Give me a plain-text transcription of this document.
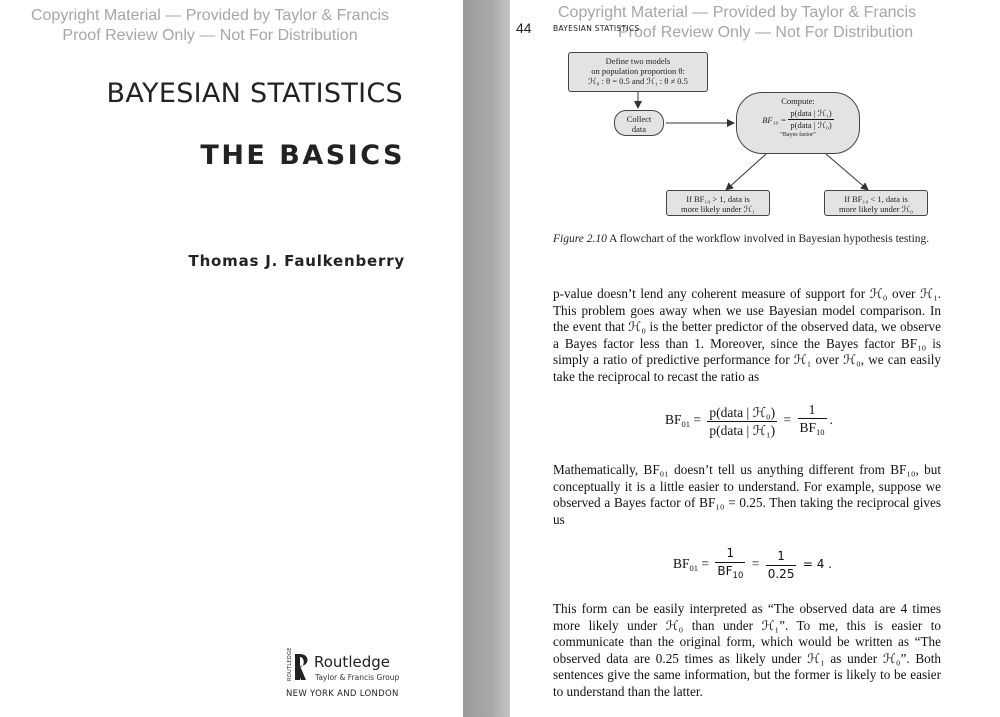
Copyright Material — Provided by Taylor & Francis
Proof Review Only — Not For Distribution
BAYESIAN STATISTICS
THE BASICS
Thomas J. Faulkenberry
ROUTLEDGE Routledge
Taylor & Francis Group
NEW YORK AND LONDON
Copyright Material — Provided by Taylor & Francis
Proof Review Only — Not For Distribution
44	BAYESIAN STATISTICS
Define two models
on population proportion θ:
ℋ₀ : θ = 0.5 and ℋ₁ : θ ≠ 0.5
Collect
data
Compute:
$BF_{10} = \frac{\text{p(data | ℋ₁)}}{\text{p(data | ℋ₀)}}$
“Bayes factor”
If BF₁₀ > 1, data is
more likely under ℋ₁
If BF₁₀ < 1, data is
more likely under ℋ₀
Figure 2.10 A flowchart of the workflow involved in Bayesian hypothesis testing.
p-value doesn’t lend any coherent measure of support for ℋ₀ over ℋ₁. This problem goes away when we use Bayesian model comparison. In the event that ℋ₀ is the better predictor of the observed data, we observe a Bayes factor less than 1. Moreover, since the Bayes factor BF₁₀ is simply a ratio of predictive performance for ℋ₁ over ℋ₀, we can easily take the reciprocal to recast the ratio as
$BF_{01} = \frac{\text{p(data | ℋ₀)}}{\text{p(data | ℋ₁)}} = \frac{1}{BF_{10}}$ .
Mathematically, BF₀₁ doesn’t tell us anything different from BF₁₀, but conceptually it is a little easier to understand. For example, suppose we observed a Bayes factor of BF₁₀ = 0.25. Then taking the reciprocal gives us
$BF_{01} = \frac{1}{BF_{10}} = \frac{1}{0.25} = 4$ .
This form can be easily interpreted as “The observed data are 4 times more likely under ℋ₀ than under ℋ₁”. To me, this is easier to communicate than the original form, which would be written as “The observed data are 0.25 times as likely under ℋ₁ as under ℋ₀”. Both sentences give the same information, but the former is likely to be easier to understand than the latter.
